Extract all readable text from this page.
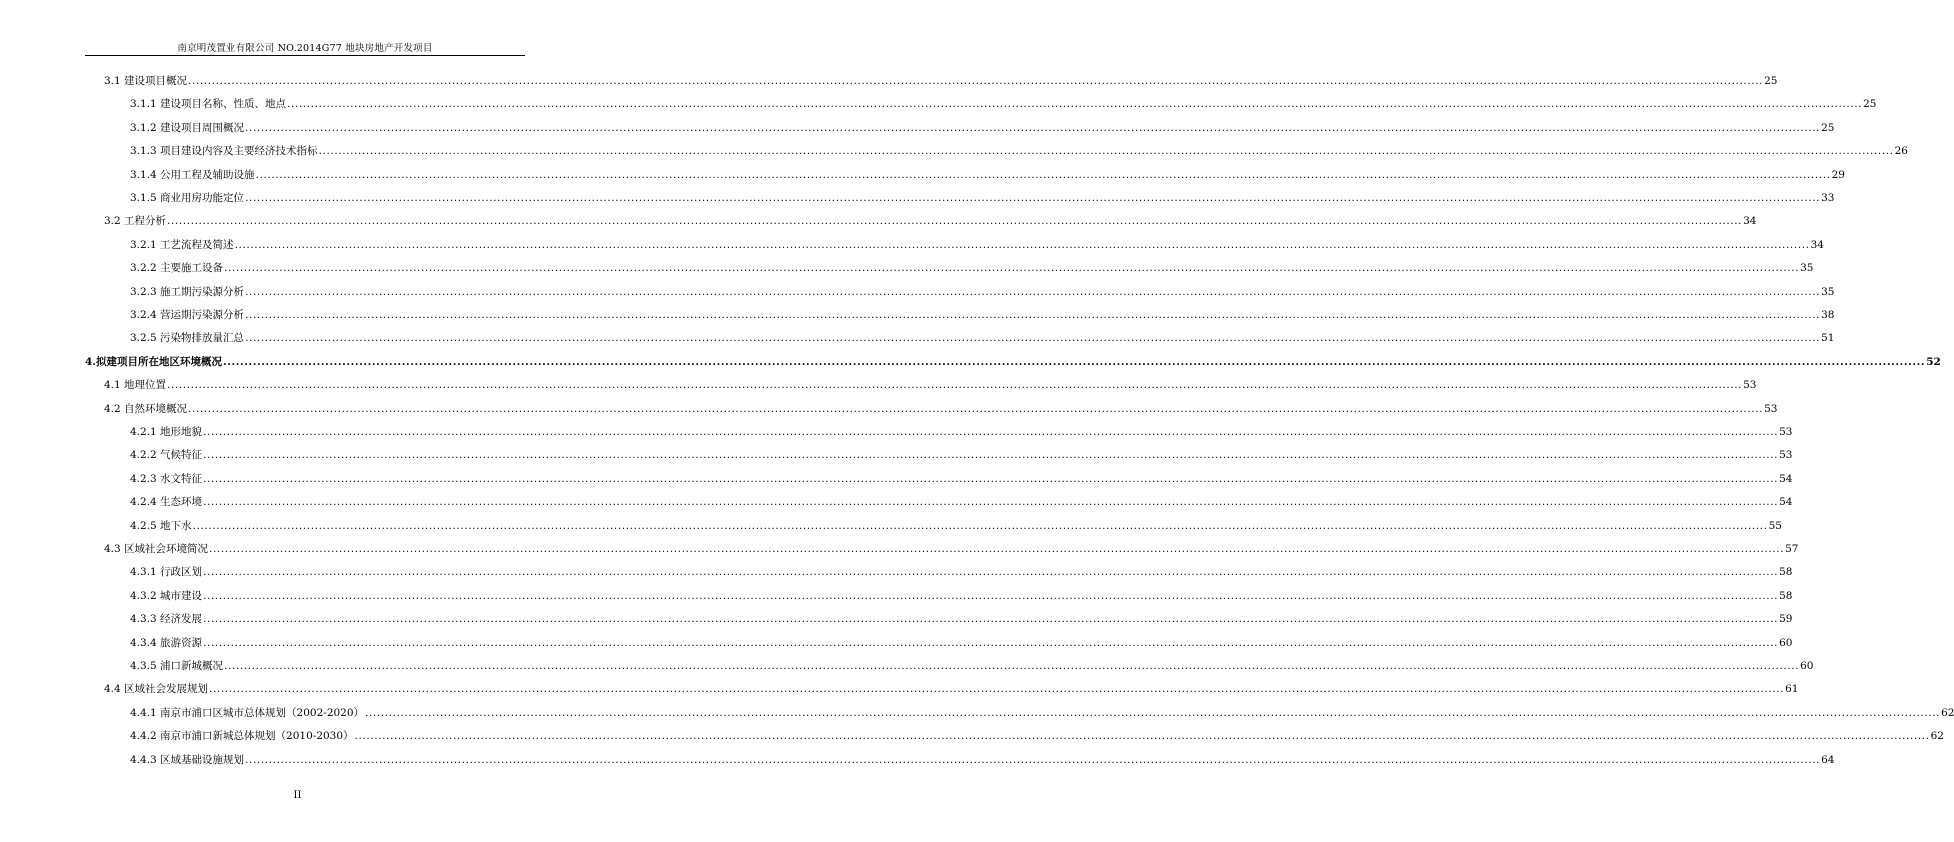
南京明茂置业有限公司 NO.2014G77 地块房地产开发项目
3.1 建设项目概况 ................................................................................................................................................................................................................................................................................................................................................................................................................ 25
3.1.1 建设项目名称、性质、地点 ................................................................................................................................................................................................................................................................................................................................................................................................................ 25
3.1.2 建设项目周围概况 ................................................................................................................................................................................................................................................................................................................................................................................................................ 25
3.1.3 项目建设内容及主要经济技术指标 ................................................................................................................................................................................................................................................................................................................................................................................................................ 26
3.1.4 公用工程及辅助设施 ................................................................................................................................................................................................................................................................................................................................................................................................................ 29
3.1.5 商业用房功能定位 ................................................................................................................................................................................................................................................................................................................................................................................................................ 33
3.2 工程分析 ................................................................................................................................................................................................................................................................................................................................................................................................................ 34
3.2.1 工艺流程及简述 ................................................................................................................................................................................................................................................................................................................................................................................................................ 34
3.2.2 主要施工设备 ................................................................................................................................................................................................................................................................................................................................................................................................................ 35
3.2.3 施工期污染源分析 ................................................................................................................................................................................................................................................................................................................................................................................................................ 35
3.2.4 营运期污染源分析 ................................................................................................................................................................................................................................................................................................................................................................................................................ 38
3.2.5 污染物排放量汇总 ................................................................................................................................................................................................................................................................................................................................................................................................................ 51
4.拟建项目所在地区环境概况 ................................................................................................................................................................................................................................................................................................................................................................................................................ 52
4.1 地理位置 ................................................................................................................................................................................................................................................................................................................................................................................................................ 53
4.2 自然环境概况 ................................................................................................................................................................................................................................................................................................................................................................................................................ 53
4.2.1 地形地貌 ................................................................................................................................................................................................................................................................................................................................................................................................................ 53
4.2.2 气候特征 ................................................................................................................................................................................................................................................................................................................................................................................................................ 53
4.2.3 水文特征 ................................................................................................................................................................................................................................................................................................................................................................................................................ 54
4.2.4 生态环境 ................................................................................................................................................................................................................................................................................................................................................................................................................ 54
4.2.5 地下水 ................................................................................................................................................................................................................................................................................................................................................................................................................ 55
4.3 区域社会环境简况 ................................................................................................................................................................................................................................................................................................................................................................................................................ 57
4.3.1 行政区划 ................................................................................................................................................................................................................................................................................................................................................................................................................ 58
4.3.2 城市建设 ................................................................................................................................................................................................................................................................................................................................................................................................................ 58
4.3.3 经济发展 ................................................................................................................................................................................................................................................................................................................................................................................................................ 59
4.3.4 旅游资源 ................................................................................................................................................................................................................................................................................................................................................................................................................ 60
4.3.5 浦口新城概况 ................................................................................................................................................................................................................................................................................................................................................................................................................ 60
4.4 区域社会发展规划 ................................................................................................................................................................................................................................................................................................................................................................................................................ 61
4.4.1 南京市浦口区城市总体规划（2002-2020） ................................................................................................................................................................................................................................................................................................................................................................................................................ 62
4.4.2 南京市浦口新城总体规划（2010-2030） ................................................................................................................................................................................................................................................................................................................................................................................................................ 62
4.4.3 区域基础设施规划 ................................................................................................................................................................................................................................................................................................................................................................................................................ 64
II
